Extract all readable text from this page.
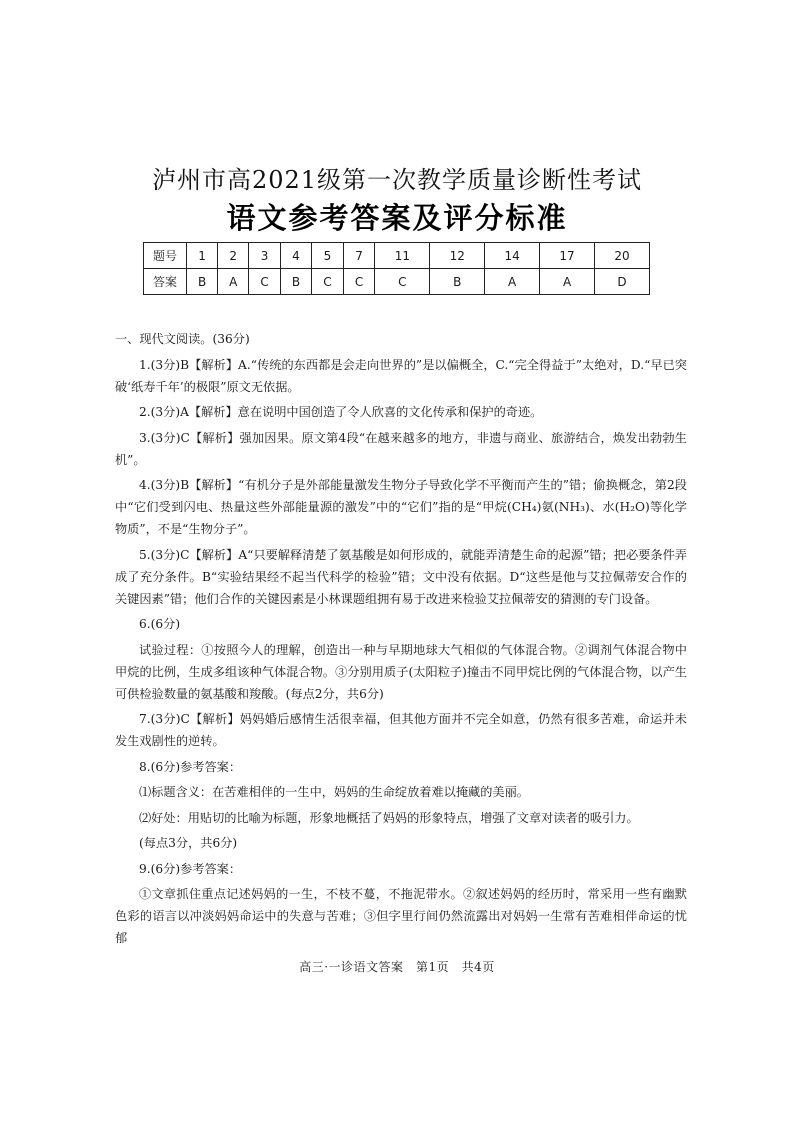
泸州市高2021级第一次教学质量诊断性考试
语文参考答案及评分标准
题号	1	2	3	4	5	7	11	12	14	17	20
答案	B	A	C	B	C	C	C	B	A	A	D

一、现代文阅读。(36分)

1.(3分)B【解析】A.“传统的东西都是会走向世界的”是以偏概全，C.“完全得益于”太绝对，D.“早已突破‘纸寿千年’的极限”原文无依据。

2.(3分)A【解析】意在说明中国创造了令人欣喜的文化传承和保护的奇迹。

3.(3分)C【解析】强加因果。原文第4段“在越来越多的地方，非遗与商业、旅游结合，焕发出勃勃生机”。

4.(3分)B【解析】“有机分子是外部能量激发生物分子导致化学不平衡而产生的”错；偷换概念，第2段中“它们受到闪电、热量这些外部能量源的激发”中的“它们”指的是“甲烷(CH₄)氨(NH₃)、水(H₂O)等化学物质”，不是“生物分子”。

5.(3分)C【解析】A“只要解释清楚了氨基酸是如何形成的，就能弄清楚生命的起源”错；把必要条件弄成了充分条件。B“实验结果经不起当代科学的检验”错；文中没有依据。D“这些是他与艾拉佩蒂安合作的关键因素”错；他们合作的关键因素是小林课题组拥有易于改进来检验艾拉佩蒂安的猜测的专门设备。

6.(6分)

试验过程：①按照今人的理解，创造出一种与早期地球大气相似的气体混合物。②调剂气体混合物中甲烷的比例，生成多组该种气体混合物。③分别用质子(太阳粒子)撞击不同甲烷比例的气体混合物，以产生可供检验数量的氨基酸和羧酸。(每点2分，共6分)

7.(3分)C【解析】妈妈婚后感情生活很幸福，但其他方面并不完全如意，仍然有很多苦难，命运并未发生戏剧性的逆转。

8.(6分)参考答案：

⑴标题含义：在苦难相伴的一生中，妈妈的生命绽放着难以掩藏的美丽。

⑵好处：用贴切的比喻为标题，形象地概括了妈妈的形象特点，增强了文章对读者的吸引力。

(每点3分，共6分)

9.(6分)参考答案：

①文章抓住重点记述妈妈的一生，不枝不蔓，不拖泥带水。②叙述妈妈的经历时，常采用一些有幽默色彩的语言以冲淡妈妈命运中的失意与苦难；③但字里行间仍然流露出对妈妈一生常有苦难相伴命运的忧郁

高三·一诊语文答案　第1页　共4页
